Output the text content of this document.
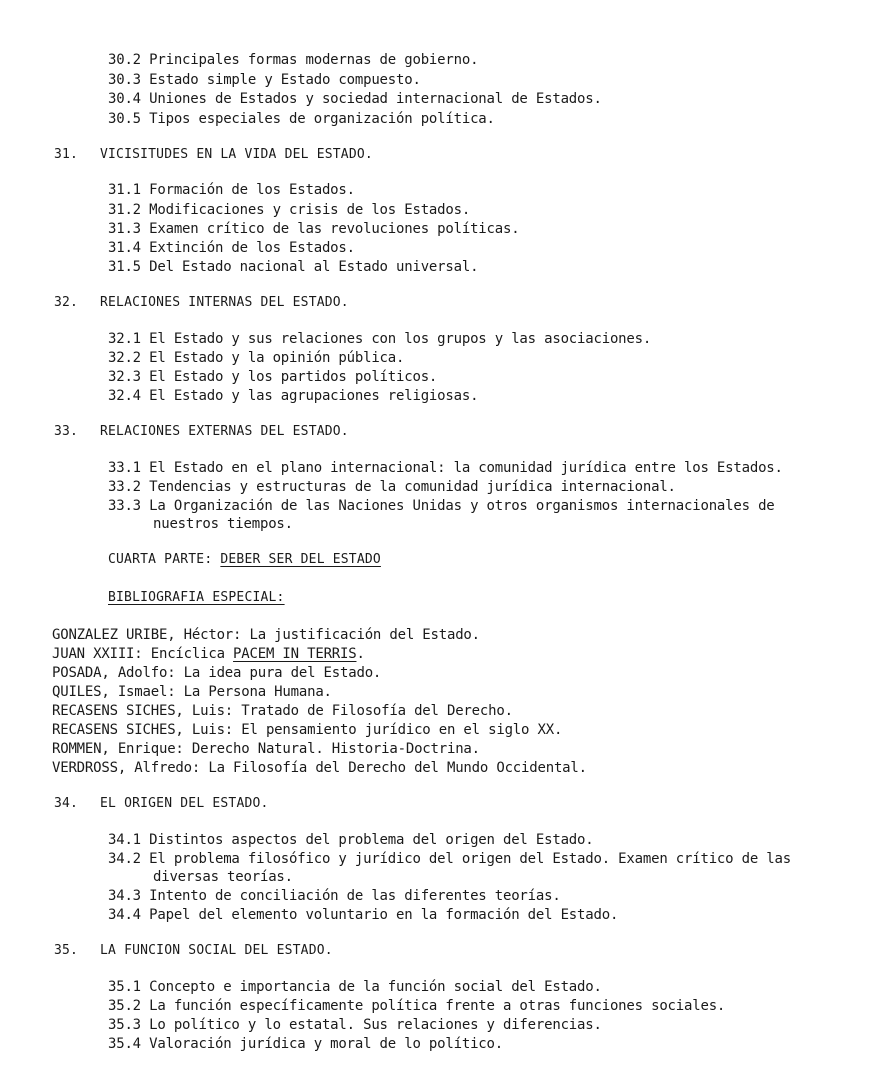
30.2 Principales formas modernas de gobierno.
30.3 Estado simple y Estado compuesto.
30.4 Uniones de Estados y sociedad internacional de Estados.
30.5 Tipos especiales de organización política.
31. VICISITUDES EN LA VIDA DEL ESTADO.
31.1 Formación de los Estados.
31.2 Modificaciones y crisis de los Estados.
31.3 Examen crítico de las revoluciones políticas.
31.4 Extinción de los Estados.
31.5 Del Estado nacional al Estado universal.
32. RELACIONES INTERNAS DEL ESTADO.
32.1 El Estado y sus relaciones con los grupos y las asociaciones.
32.2 El Estado y la opinión pública.
32.3 El Estado y los partidos políticos.
32.4 El Estado y las agrupaciones religiosas.
33. RELACIONES EXTERNAS DEL ESTADO.
33.1 El Estado en el plano internacional: la comunidad jurídica entre los Estados.
33.2 Tendencias y estructuras de la comunidad jurídica internacional.
33.3 La Organización de las Naciones Unidas y otros organismos internacionales de
nuestros tiempos.
CUARTA PARTE: DEBER SER DEL ESTADO
BIBLIOGRAFIA ESPECIAL:
GONZALEZ URIBE, Héctor: La justificación del Estado.
JUAN XXIII: Encíclica PACEM IN TERRIS.
POSADA, Adolfo: La idea pura del Estado.
QUILES, Ismael: La Persona Humana.
RECASENS SICHES, Luis: Tratado de Filosofía del Derecho.
RECASENS SICHES, Luis: El pensamiento jurídico en el siglo XX.
ROMMEN, Enrique: Derecho Natural. Historia-Doctrina.
VERDROSS, Alfredo: La Filosofía del Derecho del Mundo Occidental.
34. EL ORIGEN DEL ESTADO.
34.1 Distintos aspectos del problema del origen del Estado.
34.2 El problema filosófico y jurídico del origen del Estado. Examen crítico de las
diversas teorías.
34.3 Intento de conciliación de las diferentes teorías.
34.4 Papel del elemento voluntario en la formación del Estado.
35. LA FUNCION SOCIAL DEL ESTADO.
35.1 Concepto e importancia de la función social del Estado.
35.2 La función específicamente política frente a otras funciones sociales.
35.3 Lo político y lo estatal. Sus relaciones y diferencias.
35.4 Valoración jurídica y moral de lo político.
